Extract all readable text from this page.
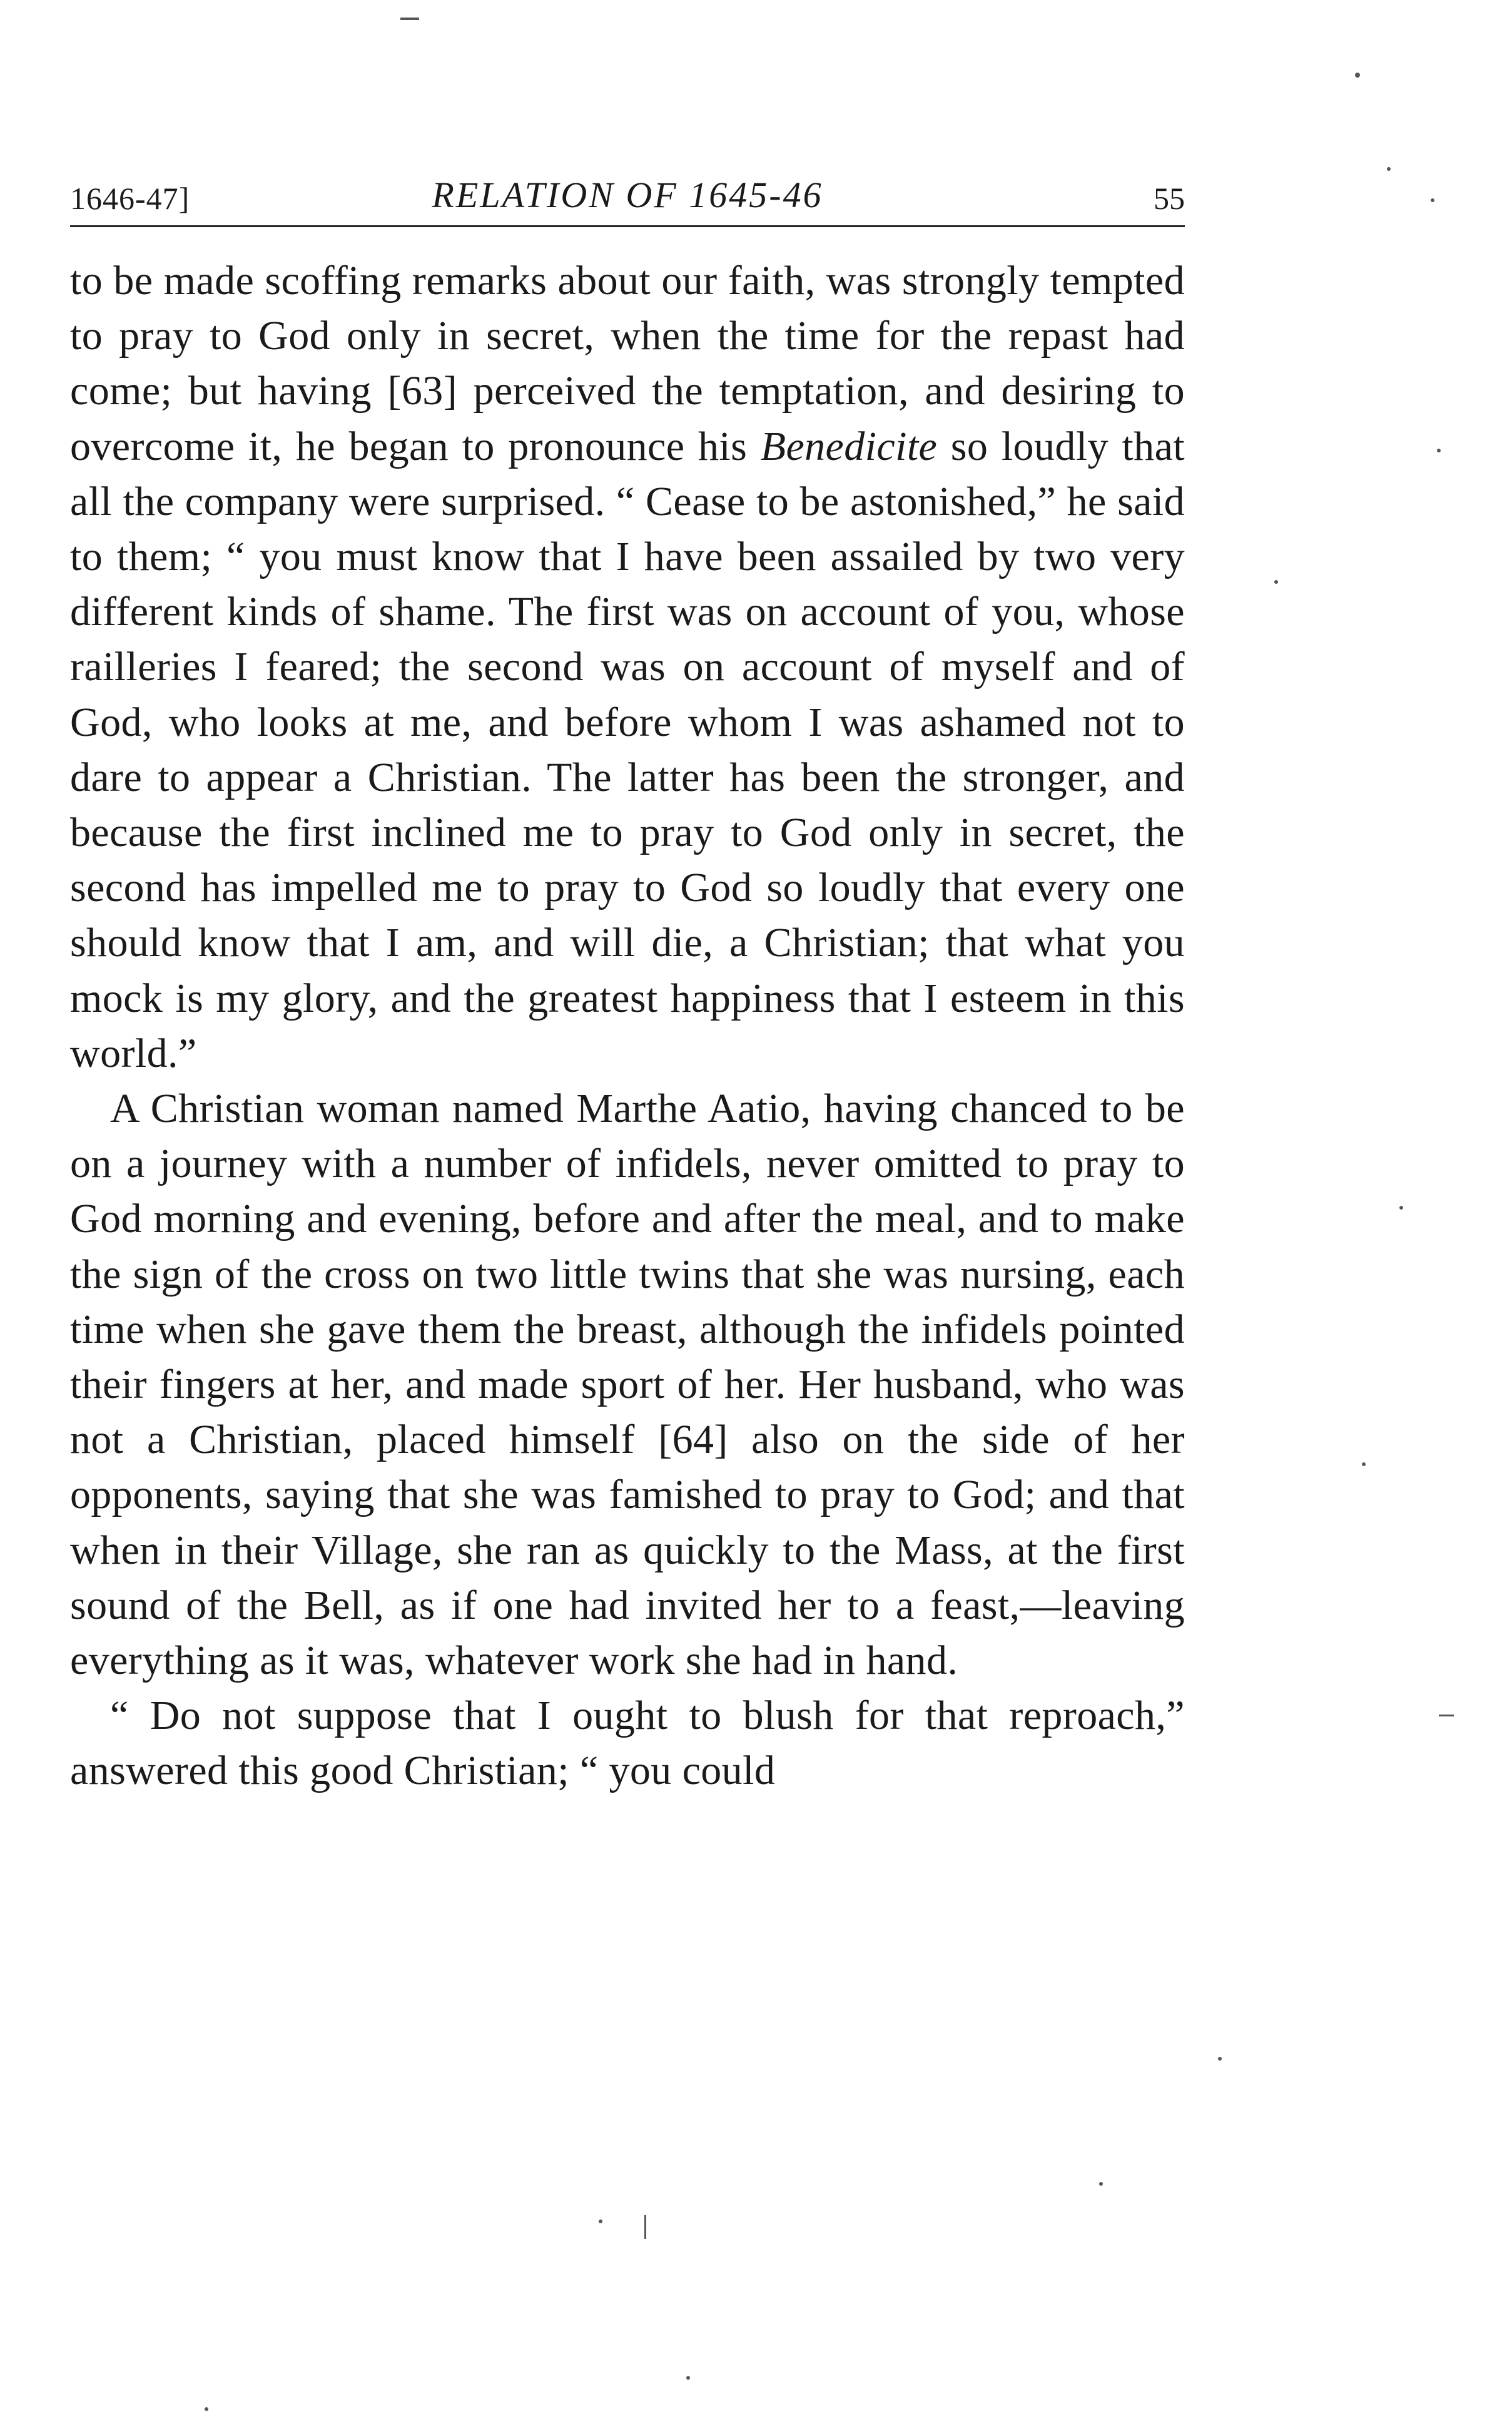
1646-47]	RELATION OF 1645-46	55

to be made scoffing remarks about our faith, was strongly tempted to pray to God only in secret, when the time for the repast had come; but having [63] perceived the temptation, and desiring to overcome it, he began to pronounce his Benedicite so loudly that all the company were surprised. “ Cease to be astonished,” he said to them; “ you must know that I have been assailed by two very different kinds of shame. The first was on account of you, whose railleries I feared; the second was on account of myself and of God, who looks at me, and before whom I was ashamed not to dare to appear a Christian. The latter has been the stronger, and because the first inclined me to pray to God only in secret, the second has impelled me to pray to God so loudly that every one should know that I am, and will die, a Christian; that what you mock is my glory, and the greatest happiness that I esteem in this world.”

A Christian woman named Marthe Aatio, having chanced to be on a journey with a number of infidels, never omitted to pray to God morning and evening, before and after the meal, and to make the sign of the cross on two little twins that she was nursing, each time when she gave them the breast, although the infidels pointed their fingers at her, and made sport of her. Her husband, who was not a Christian, placed himself [64] also on the side of her opponents, saying that she was famished to pray to God; and that when in their Village, she ran as quickly to the Mass, at the first sound of the Bell, as if one had invited her to a feast,—leaving everything as it was, whatever work she had in hand.

“ Do not suppose that I ought to blush for that reproach,” answered this good Christian; “ you could
